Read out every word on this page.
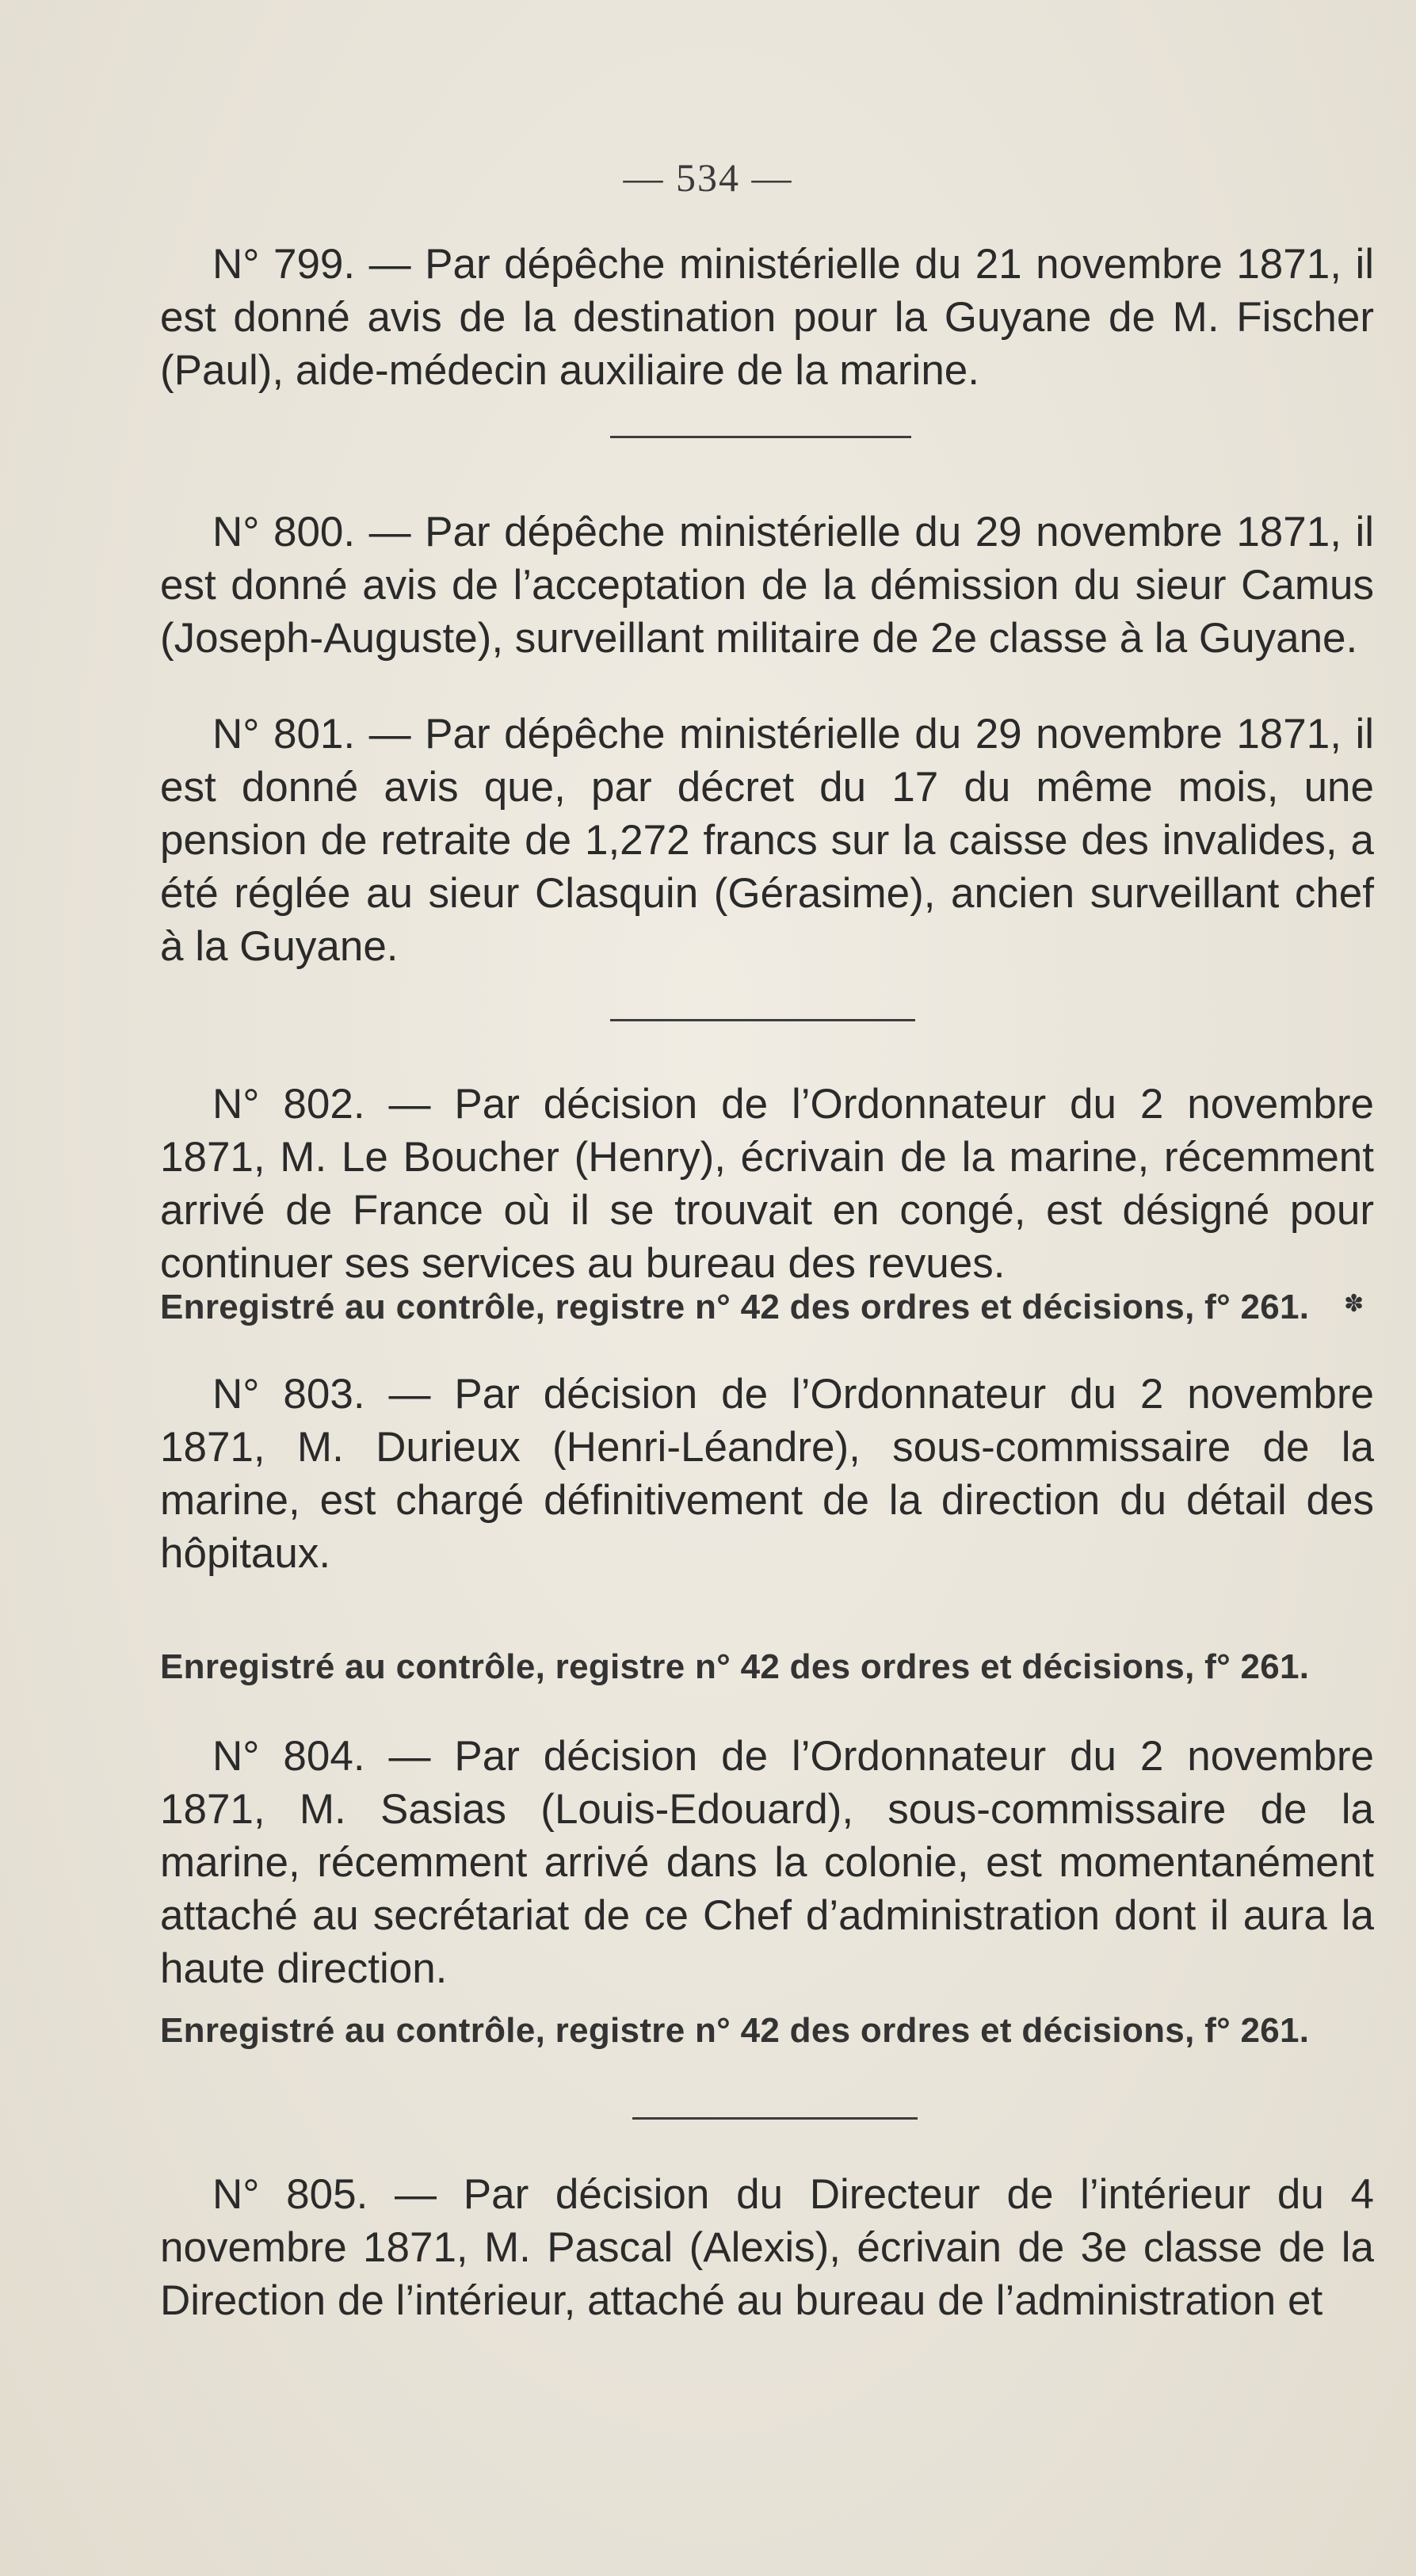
— 534 —

N° 799. — Par dépêche ministérielle du 21 novembre 1871, il est donné avis de la destination pour la Guyane de M. Fischer (Paul), aide-médecin auxiliaire de la marine.

N° 800. — Par dépêche ministérielle du 29 novembre 1871, il est donné avis de l’acceptation de la démission du sieur Camus (Joseph-Auguste), surveillant militaire de 2e classe à la Guyane.

N° 801. — Par dépêche ministérielle du 29 novembre 1871, il est donné avis que, par décret du 17 du même mois, une pension de retraite de 1,272 francs sur la caisse des invalides, a été réglée au sieur Clasquin (Gérasime), ancien surveillant chef à la Guyane.

N° 802. — Par décision de l’Ordonnateur du 2 novembre 1871, M. Le Boucher (Henry), écrivain de la marine, récemment arrivé de France où il se trouvait en congé, est désigné pour continuer ses services au bureau des revues.

Enregistré au contrôle, registre n° 42 des ordres et décisions, f° 261.	✽

N° 803. — Par décision de l’Ordonnateur du 2 novembre 1871, M. Durieux (Henri-Léandre), sous-commissaire de la marine, est chargé définitivement de la direction du détail des hôpitaux.

Enregistré au contrôle, registre n° 42 des ordres et décisions, f° 261.

N° 804. — Par décision de l’Ordonnateur du 2 novembre 1871, M. Sasias (Louis-Edouard), sous-commissaire de la marine, récemment arrivé dans la colonie, est momentanément attaché au secrétariat de ce Chef d’administration dont il aura la haute direction.

Enregistré au contrôle, registre n° 42 des ordres et décisions, f° 261.

N° 805. — Par décision du Directeur de l’intérieur du 4 novembre 1871, M. Pascal (Alexis), écrivain de 3e classe de la Direction de l’intérieur, attaché au bureau de l’administration et
